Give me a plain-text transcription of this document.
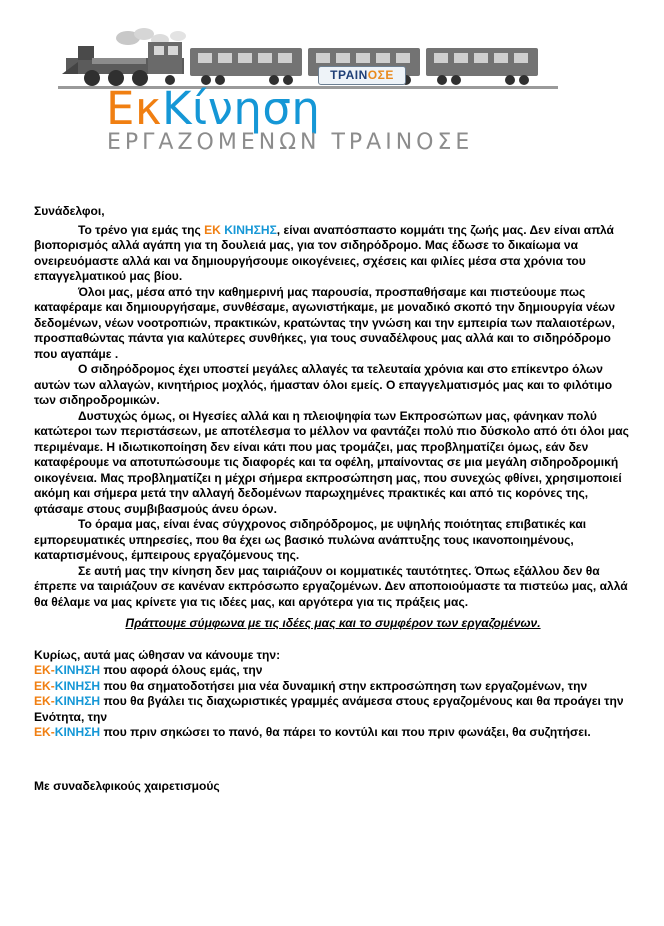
ΤΡΑΙΝΟΣΕ
ΕκΚίνηση
ΕΡΓΑΖΟΜΕΝΩΝ ΤΡΑΙΝΟΣΕ

Συνάδελφοι,

Το τρένο για εμάς της ΕΚ ΚΙΝΗΣΗΣ, είναι αναπόσπαστο κομμάτι της ζωής μας. Δεν είναι απλά βιοπορισμός αλλά αγάπη για τη δουλειά μας, για τον σιδηρόδρομο. Μας έδωσε το δικαίωμα να ονειρευόμαστε αλλά και να δημιουργήσουμε οικογένειες, σχέσεις και φιλίες μέσα στα χρόνια του επαγγελματικού μας βίου.

Όλοι μας, μέσα από την καθημερινή μας παρουσία, προσπαθήσαμε και πιστεύουμε πως καταφέραμε και δημιουργήσαμε, συνθέσαμε, αγωνιστήκαμε, με μοναδικό σκοπό την δημιουργία νέων δεδομένων, νέων νοοτροπιών, πρακτικών, κρατώντας την γνώση και την εμπειρία των παλαιοτέρων, προσπαθώντας πάντα για καλύτερες συνθήκες, για τους συναδέλφους μας αλλά και το σιδηρόδρομο που αγαπάμε .

Ο σιδηρόδρομος έχει υποστεί μεγάλες αλλαγές τα τελευταία χρόνια και στο επίκεντρο όλων αυτών των αλλαγών, κινητήριος μοχλός, ήμασταν όλοι εμείς. Ο επαγγελματισμός μας και το φιλότιμο των σιδηροδρομικών.

Δυστυχώς όμως, οι Ηγεσίες αλλά και η πλειοψηφία των Εκπροσώπων μας, φάνηκαν πολύ κατώτεροι των περιστάσεων, με αποτέλεσμα το μέλλον να φαντάζει πολύ πιο δύσκολο από ότι όλοι μας περιμέναμε. Η ιδιωτικοποίηση δεν είναι κάτι που μας τρομάζει, μας προβληματίζει όμως, εάν δεν καταφέρουμε να αποτυπώσουμε τις διαφορές και τα οφέλη, μπαίνοντας σε μια μεγάλη σιδηροδρομική οικογένεια. Μας προβληματίζει η μέχρι σήμερα εκπροσώπηση μας, που συνεχώς φθίνει, χρησιμοποιεί ακόμη και σήμερα μετά την αλλαγή δεδομένων παρωχημένες πρακτικές και από τις κορόνες της, φτάσαμε στους συμβιβασμούς άνευ όρων.

Το όραμα μας, είναι ένας σύγχρονος σιδηρόδρομος, με υψηλής ποιότητας επιβατικές και εμπορευματικές υπηρεσίες, που θα έχει ως βασικό πυλώνα ανάπτυξης τους ικανοποιημένους, καταρτισμένους, έμπειρους εργαζόμενους της.

Σε αυτή μας την κίνηση δεν μας ταιριάζουν οι κομματικές ταυτότητες. Όπως εξάλλου δεν θα έπρεπε να ταιριάζουν σε κανέναν εκπρόσωπο εργαζομένων. Δεν αποποιούμαστε τα πιστεύω μας, αλλά θα θέλαμε να μας κρίνετε για τις ιδέες μας, και αργότερα για τις πράξεις μας.

Πράττουμε σύμφωνα με τις ιδέες μας και το συμφέρον των εργαζομένων.

Κυρίως, αυτά μας ώθησαν να κάνουμε την:

ΕΚ-ΚΙΝΗΣΗ που αφορά όλους εμάς, την

ΕΚ-ΚΙΝΗΣΗ που θα σηματοδοτήσει μια νέα δυναμική στην εκπροσώπηση των εργαζομένων, την

ΕΚ-ΚΙΝΗΣΗ που θα βγάλει τις διαχωριστικές γραμμές ανάμεσα στους εργαζομένους και θα προάγει την Ενότητα, την

ΕΚ-ΚΙΝΗΣΗ που πριν σηκώσει το πανό, θα πάρει το κοντύλι και που πριν φωνάξει, θα συζητήσει.

Με συναδελφικούς χαιρετισμούς
